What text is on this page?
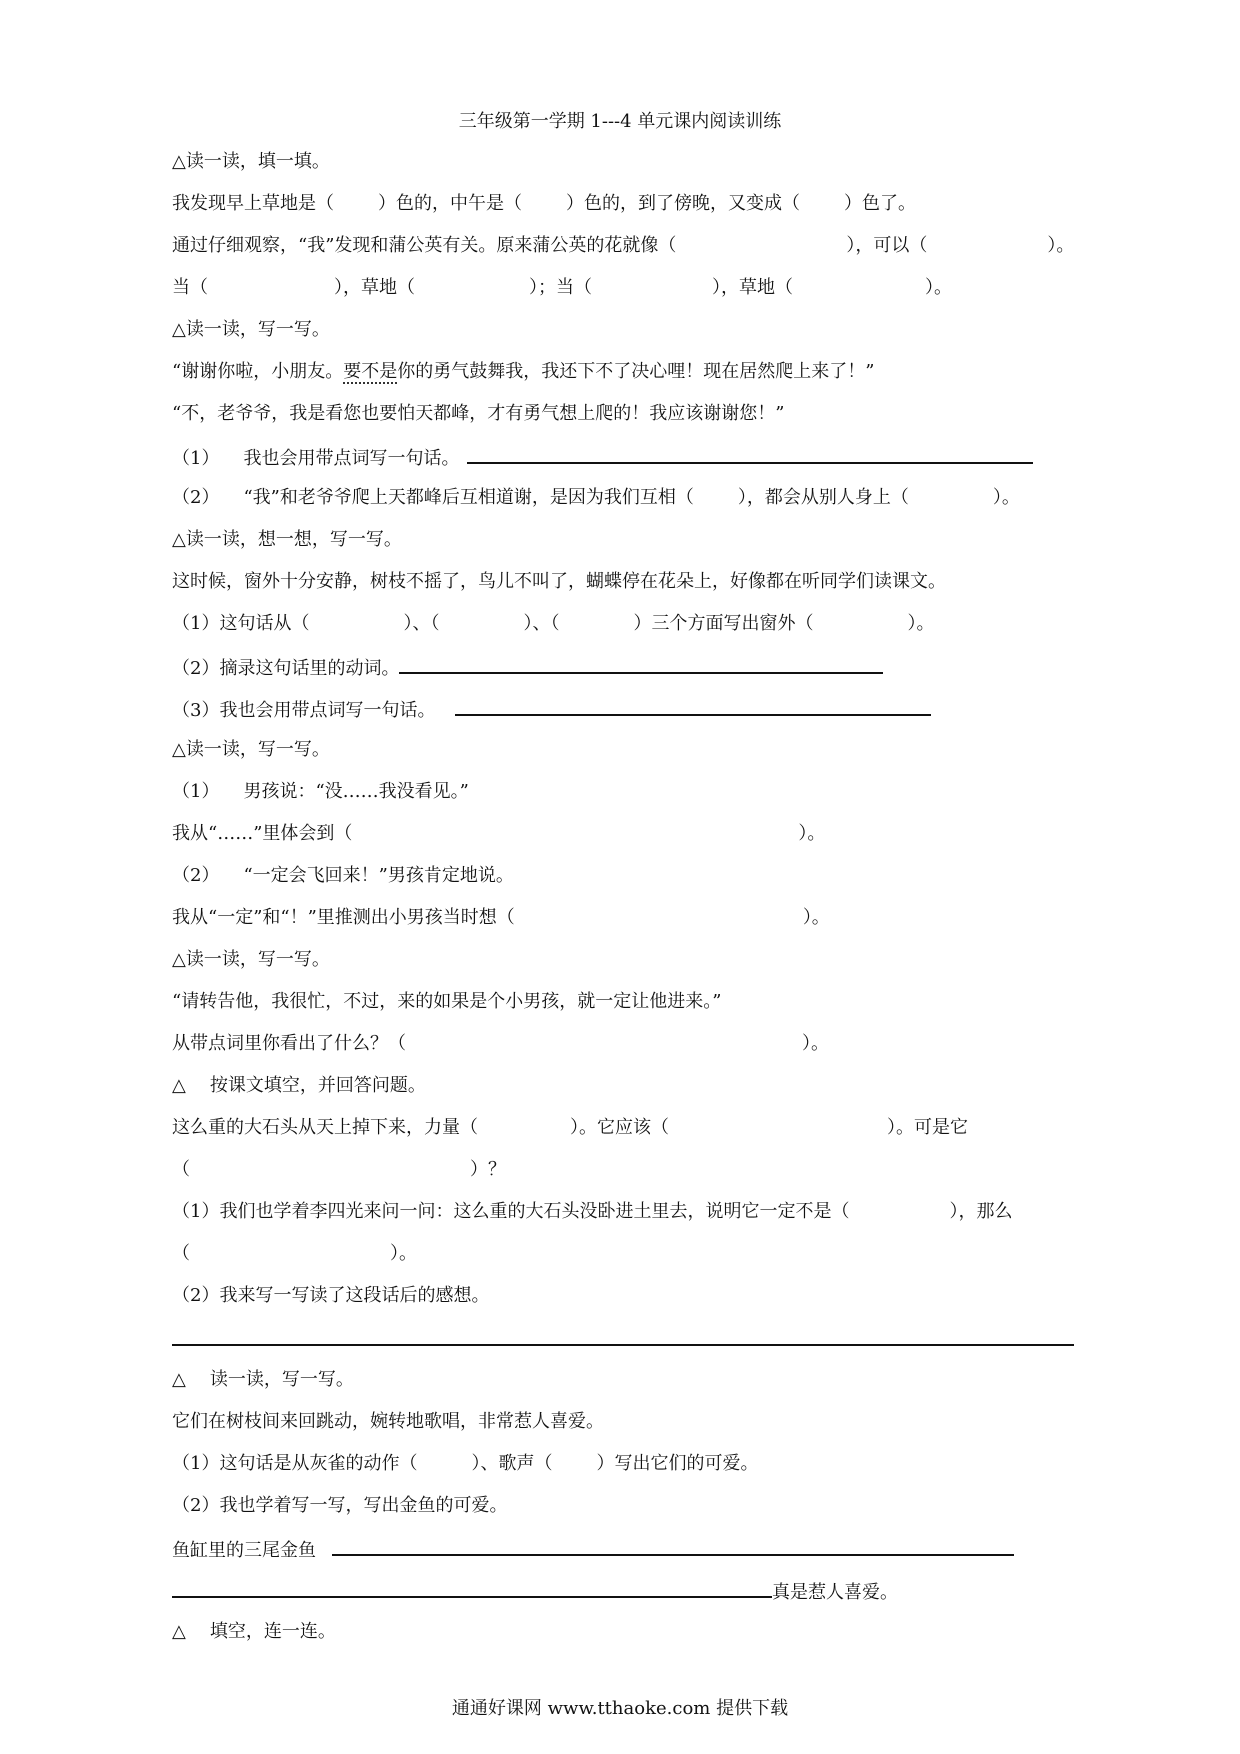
三年级第一学期 1---4 单元课内阅读训练
△读一读，填一填。
我发现早上草地是（ ）色的，中午是（ ）色的，到了傍晚，又变成（ ）色了。
通过仔细观察，“我”发现和蒲公英有关。原来蒲公英的花就像（	），可以（	）。
当（	），草地（	）；当（	），草地（	）。
△读一读，写一写。
“谢谢你啦，小朋友。要不是你的勇气鼓舞我，我还下不了决心哩！现在居然爬上来了！”
“不，老爷爷，我是看您也要怕天都峰，才有勇气想上爬的！我应该谢谢您！”
（1） 我也会用带点词写一句话。
（2） “我”和老爷爷爬上天都峰后互相道谢，是因为我们互相（ ），都会从别人身上（	）。
△读一读，想一想，写一写。
这时候，窗外十分安静，树枝不摇了，鸟儿不叫了，蝴蝶停在花朵上，好像都在听同学们读课文。
（1）这句话从（	）、（	）、（	）三个方面写出窗外（	）。
（2）摘录这句话里的动词。
（3）我也会用带点词写一句话。
△读一读，写一写。
（1） 男孩说：“没……我没看见。”
我从“……”里体会到（	）。
（2） “一定会飞回来！”男孩肯定地说。
我从“一定”和“！”里推测出小男孩当时想（	）。
△读一读，写一写。
“请转告他，我很忙，不过，来的如果是个小男孩，就一定让他进来。”
从带点词里你看出了什么？（	）。
△ 按课文填空，并回答问题。
这么重的大石头从天上掉下来，力量（	）。它应该（	）。可是它
（	）？
（1）我们也学着李四光来问一问：这么重的大石头没卧进土里去，说明它一定不是（	），那么
（	）。
（2）我来写一写读了这段话后的感想。
△ 读一读，写一写。
它们在树枝间来回跳动，婉转地歌唱，非常惹人喜爱。
（1）这句话是从灰雀的动作（	）、歌声（ ）写出它们的可爱。
（2）我也学着写一写，写出金鱼的可爱。
鱼缸里的三尾金鱼
真是惹人喜爱。
△ 填空，连一连。
通通好课网 www.tthaoke.com 提供下载
